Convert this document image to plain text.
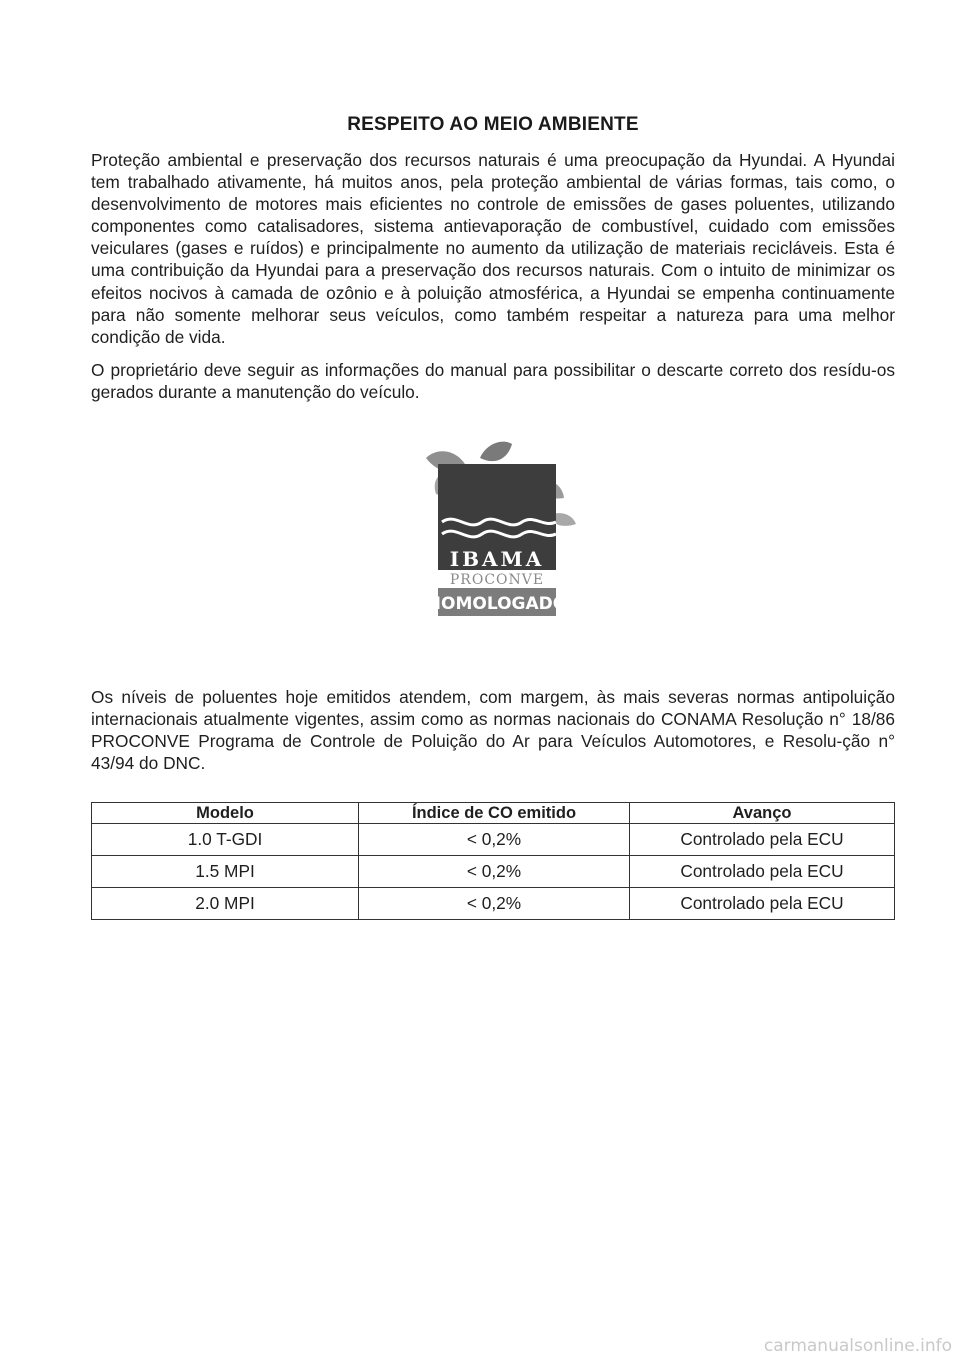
RESPEITO AO MEIO AMBIENTE

Proteção ambiental e preservação dos recursos naturais é uma preocupação da Hyundai. A Hyundai tem trabalhado ativamente, há muitos anos, pela proteção ambiental de várias formas, tais como, o desenvolvimento de motores mais eficientes no controle de emissões de gases poluentes, utilizando componentes como catalisadores, sistema antievaporação de combustível, cuidado com emissões veiculares (gases e ruídos) e principalmente no aumento da utilização de materiais recicláveis. Esta é uma contribuição da Hyundai para a preservação dos recursos naturais. Com o intuito de minimizar os efeitos nocivos à camada de ozônio e à poluição atmosférica, a Hyundai se empenha continuamente para não somente melhorar seus veículos, como também respeitar a natureza para uma melhor condição de vida.

O proprietário deve seguir as informações do manual para possibilitar o descarte correto dos resídu-os gerados durante a manutenção do veículo.

IBAMA
PROCONVE
HOMOLOGADO

Os níveis de poluentes hoje emitidos atendem, com margem, às mais severas normas antipoluição internacionais atualmente vigentes, assim como as normas nacionais do CONAMA Resolução n° 18/86 PROCONVE Programa de Controle de Poluição do Ar para Veículos Automotores, e Resolu-ção n° 43/94 do DNC.

Modelo	Índice de CO emitido	Avanço
1.0 T-GDI	< 0,2%	Controlado pela ECU
1.5 MPI	< 0,2%	Controlado pela ECU
2.0 MPI	< 0,2%	Controlado pela ECU
carmanualsonline.info
